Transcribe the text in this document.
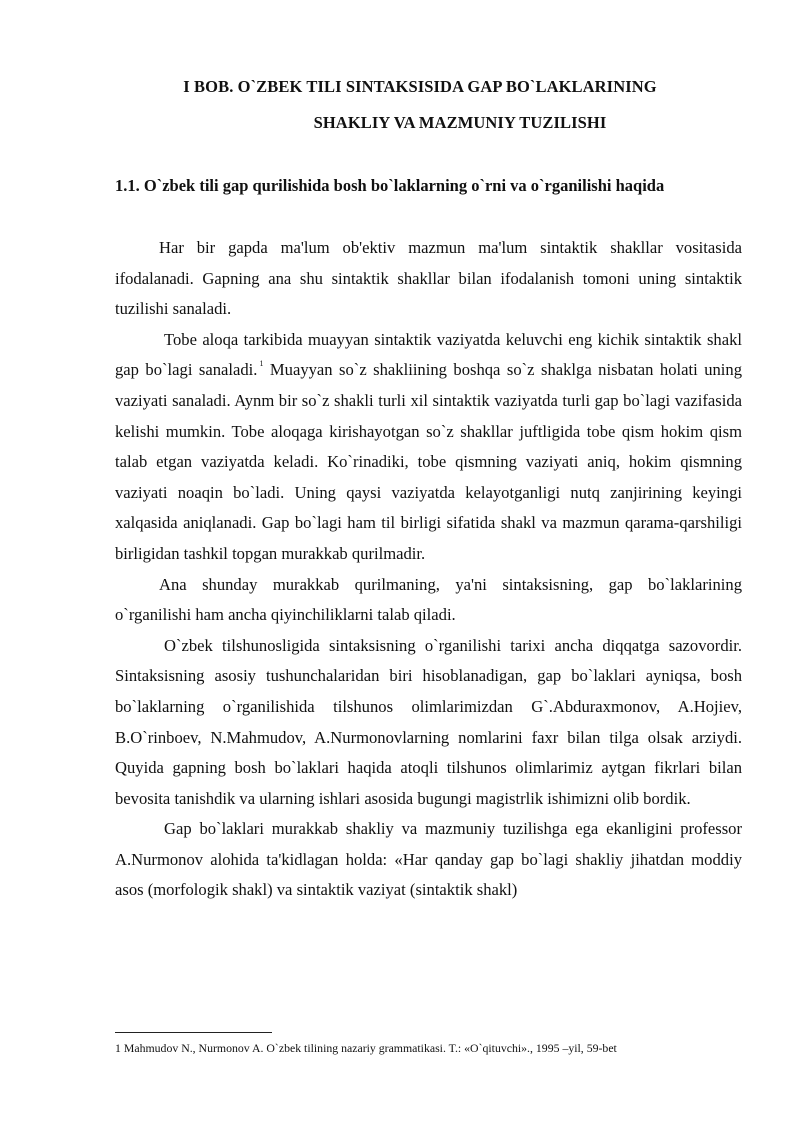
I BOB. O`ZBEK TILI SINTAKSISIDA GAP BO`LAKLARINING
SHAKLIY VA MAZMUNIY TUZILISHI
1.1. O`zbek tili gap qurilishida bosh bo`laklarning o`rni va o`rganilishi haqida

Har bir gapda ma'lum ob'ektiv mazmun ma'lum sintaktik shakllar vositasida ifodalanadi. Gapning ana shu sintaktik shakllar bilan ifodalanish tomoni uning sintaktik tuzilishi sanaladi.

Tobe aloqa tarkibida muayyan sintaktik vaziyatda keluvchi eng kichik sintaktik shakl gap bo`lagi sanaladi. $^1$ Muayyan so`z shakliining boshqa so`z shaklga nisbatan holati uning vaziyati sanaladi. Aynm bir so`z shakli turli xil sintaktik vaziyatda turli gap bo`lagi vazifasida kelishi mumkin. Tobe aloqaga kirishayotgan so`z shakllar juftligida tobe qism hokim qism talab etgan vaziyatda keladi. Ko`rinadiki, tobe qismning vaziyati aniq, hokim qismning vaziyati noaqin bo`ladi. Uning qaysi vaziyatda kelayotganligi nutq zanjirining keyingi xalqasida aniqlanadi. Gap bo`lagi ham til birligi sifatida shakl va mazmun qarama-qarshiligi birligidan tashkil topgan murakkab qurilmadir.

Ana shunday murakkab qurilmaning, ya'ni sintaksisning, gap bo`laklarining o`rganilishi ham ancha qiyinchiliklarni talab qiladi.

O`zbek tilshunosligida sintaksisning o`rganilishi tarixi ancha diqqatga sazovordir. Sintaksisning asosiy tushunchalaridan biri hisoblanadigan, gap bo`laklari ayniqsa, bosh bo`laklarning o`rganilishida tilshunos olimlarimizdan G`.Abduraxmonov, A.Hojiev, B.O`rinboev, N.Mahmudov, A.Nurmonovlarning nomlarini faxr bilan tilga olsak arziydi. Quyida gapning bosh bo`laklari haqida atoqli tilshunos olimlarimiz aytgan fikrlari bilan bevosita tanishdik va ularning ishlari asosida bugungi magistrlik ishimizni olib bordik.

Gap bo`laklari murakkab shakliy va mazmuniy tuzilishga ega ekanligini professor A.Nurmonov alohida ta'kidlagan holda: «Har qanday gap bo`lagi shakliy jihatdan moddiy asos (morfologik shakl) va sintaktik vaziyat (sintaktik shakl)

1 Mahmudov N., Nurmonov A. O`zbek tilining nazariy grammatikasi. T.: «O`qituvchi»., 1995 –yil, 59-bet
